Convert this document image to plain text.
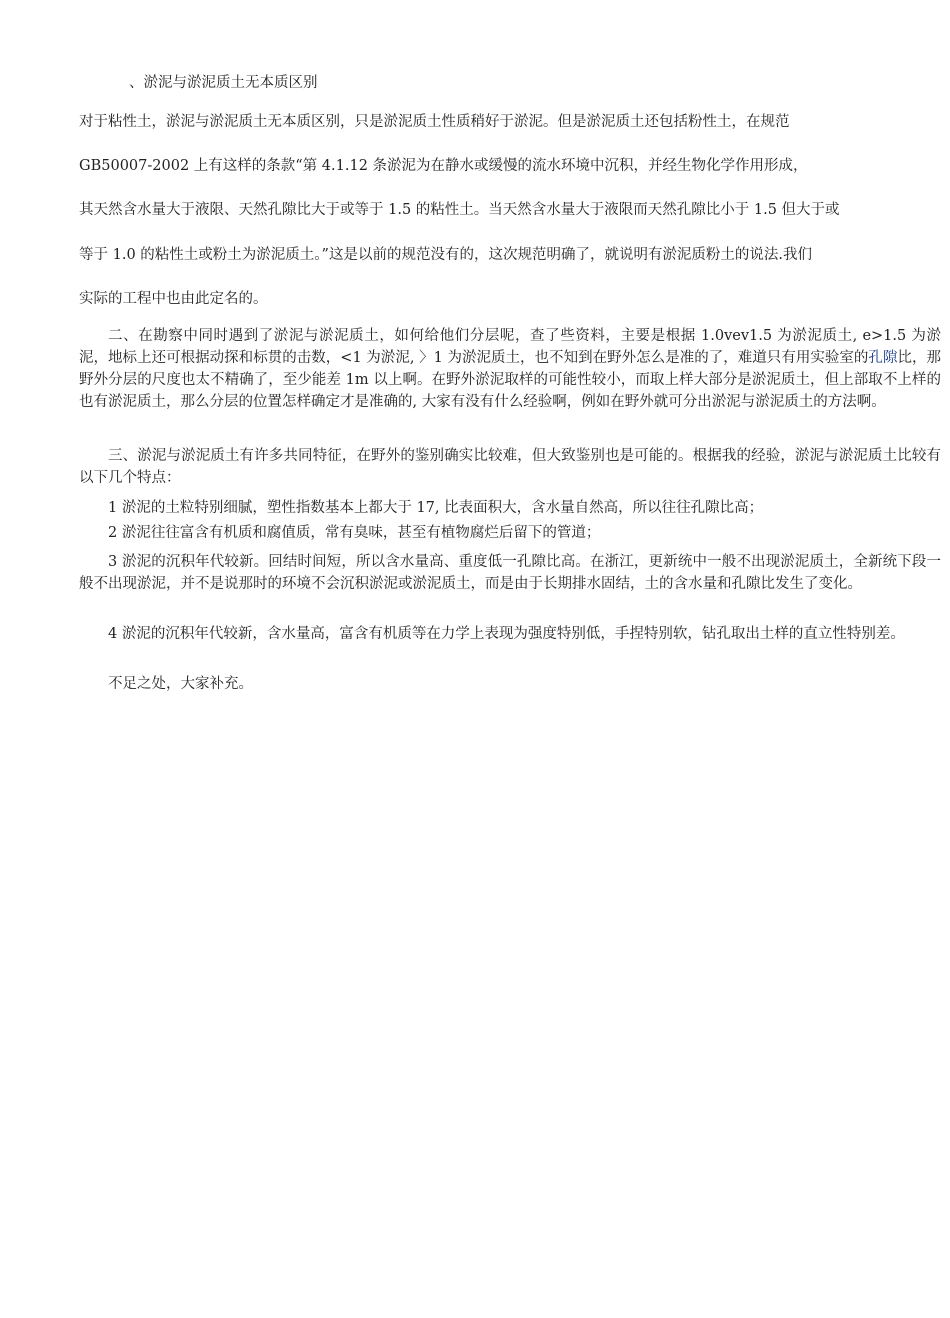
、淤泥与淤泥质土无本质区别
对于粘性土，淤泥与淤泥质土无本质区别，只是淤泥质土性质稍好于淤泥。但是淤泥质土还包括粉性土，在规范
GB50007-2002 上有这样的条款“第 4.1.12 条淤泥为在静水或缓慢的流水环境中沉积，并经生物化学作用形成，
其天然含水量大于液限、天然孔隙比大于或等于 1.5 的粘性土。当天然含水量大于液限而天然孔隙比小于 1.5 但大于或
等于 1.0 的粘性土或粉土为淤泥质土。”这是以前的规范没有的，这次规范明确了，就说明有淤泥质粉土的说法.我们
实际的工程中也由此定名的。
二、在勘察中同时遇到了淤泥与淤泥质土，如何给他们分层呢，查了些资料，主要是根据 1.0vev1.5 为淤泥质土, e>1.5 为淤泥，地标上还可根据动探和标贯的击数，<1 为淤泥, 〉1 为淤泥质土，也不知到在野外怎么是准的了，难道只有用实验室的孔隙比，那野外分层的尺度也太不精确了，至少能差 1m 以上啊。在野外淤泥取样的可能性较小，而取上样大部分是淤泥质土，但上部取不上样的也有淤泥质土，那么分层的位置怎样确定才是准确的, 大家有没有什么经验啊，例如在野外就可分出淤泥与淤泥质土的方法啊。
三、淤泥与淤泥质土有许多共同特征，在野外的鉴别确实比较难，但大致鉴别也是可能的。根据我的经验，淤泥与淤泥质土比较有以下几个特点：
1 淤泥的土粒特别细腻，塑性指数基本上都大于 17, 比表面积大，含水量自然高，所以往往孔隙比高；
2 淤泥往往富含有机质和腐值质，常有臭味，甚至有植物腐烂后留下的管道；
3 淤泥的沉积年代较新。回结时间短，所以含水量高、重度低一孔隙比高。在浙江，更新统中一般不出现淤泥质土，全新统下段一般不出现淤泥，并不是说那时的环境不会沉积淤泥或淤泥质土，而是由于长期排水固结，土的含水量和孔隙比发生了变化。
4 淤泥的沉积年代较新，含水量高，富含有机质等在力学上表现为强度特别低，手捏特别软，钻孔取出土样的直立性特别差。
不足之处，大家补充。
